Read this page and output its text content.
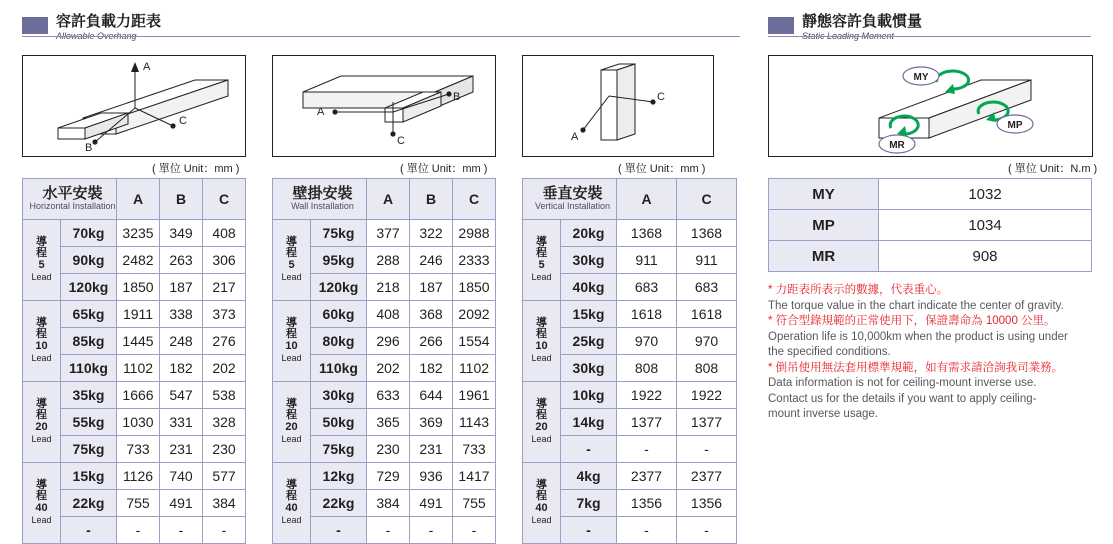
容許負載力距表	靜態容許負載慣量
A
B
C
( 單位 Unit：mm )
A
B
C
( 單位 Unit：mm )
A
C
( 單位 Unit：mm )
MY
MP
MR
( 單位 Unit：N.m )
水平安裝
Horizontal Installation		A	B	C

導
程
5
Lead	70kg	3235	349	408
	90kg	2482	263	306
	120kg	1850	187	217

導
程
10
Lead	65kg	1911	338	373
	85kg	1445	248	276
	110kg	1102	182	202

導
程
20
Lead	35kg	1666	547	538
	55kg	1030	331	328
	75kg	733	231	230

導
程
40
Lead	15kg	1126	740	577
	22kg	755	491	384
	-	-	-	-
壁掛安裝
Wall Installation		A	B	C

導
程
5
Lead	75kg	377	322	2988
	95kg	288	246	2333
	120kg	218	187	1850

導
程
10
Lead	60kg	408	368	2092
	80kg	296	266	1554
	110kg	202	182	1102

導
程
20
Lead	30kg	633	644	1961
	50kg	365	369	1143
	75kg	230	231	733

導
程
40
Lead	12kg	729	936	1417
	22kg	384	491	755
	-	-	-	-
垂直安裝
Vertical Installation		A	C

導
程
5
Lead	20kg	1368	1368
	30kg	911	911
	40kg	683	683

導
程
10
Lead	15kg	1618	1618
	25kg	970	970
	30kg	808	808

導
程
20
Lead	10kg	1922	1922
	14kg	1377	1377
	-	-	-

導
程
40
Lead	4kg	2377	2377
	7kg	1356	1356
	-	-	-
MY	1032
MP	1034
MR	908
* 力距表所表示的數據，代表重心。
The torque value in the chart indicate the center of gravity.
* 符合型錄規範的正常使用下，保證壽命為 10000 公里。
Operation life is 10,000km when the product is using under the specified conditions.
* 倒吊使用無法套用標準規範，如有需求請洽詢我司業務。
Data information is not for ceiling-mount inverse use.
Contact us for the details if you want to apply ceiling-mount inverse usage.
